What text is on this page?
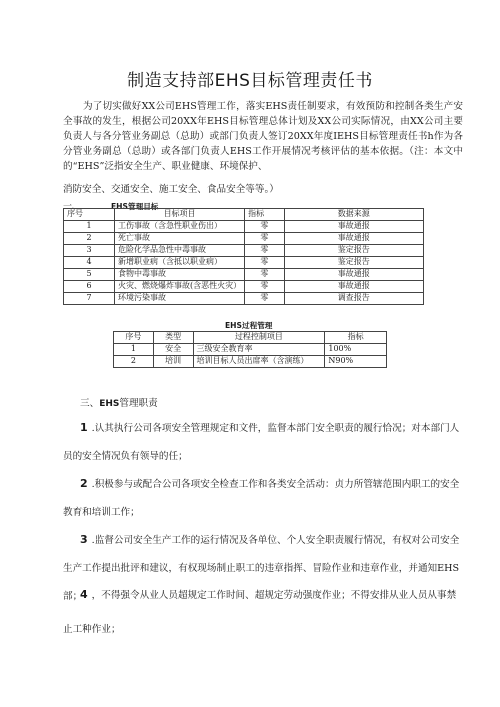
制造支持部EHS目标管理责任书
为了切实做好XX公司EHS管理工作，落实EHS责任制要求，有效预防和控制各类生产安全事故的发生，根据公司20XX年EHS目标管理总体计划及XX公司实际情况，由XX公司主要负责人与各分管业务副总（总助）或部门负责人签订20XX年度IEHS目标管理责任书h作为各分管业务副总（总助）或各部门负责人EHS工作开展情况考核评估的基本依据。（注：本文中的“EHS”泛指安全生产、职业健康、环境保护、
消防安全、交通安全、施工安全、食品安全等等。）
一、	EHS管理目标
序号	目标项目	指标	数据来源
1	工伤事故（含急性职业伤出）	零	事故通报
2	死亡事故	零	事故通报
3	危险化学品急性中毒事故	零	鉴定报告
4	新增职业病（含抵以职业病）	零	鉴定报告
5	食物中毒事故	零	事故通报
6	火灾、燃烧爆炸事故(含恶性火灾）	零	事故通报
7	环境污染事故	零	调查报告
EHS过程管理
序号	类型	过程控制项目	指标
1	安全	三级安全教育率	100%
2	培训	培训目标人员出席率（含演练）	N90%
三、EHS管理职责
1 .认其执行公司各项安全管理规定和文件，监督本部门安全职责的履行恰况；对本部门人员的安全情况负有领导的任；
2 .积极参与或配合公司各项安全检查工作和各类安全活动：贞力所管辖范围内职工的安全教育和培训工作；
3 .监督公司安全生产工作的运行情况及各单位、个人安全职责履行情况，有权对公司安全生产工作提出批评和建议，有权现场制止职工的违章指挥、冒险作业和违章作业，并通知EHS部；
4 ，不得强令从业人员超规定工作时间、超规定劳动强度作业；不得安排从业人员从事禁止工种作业；
